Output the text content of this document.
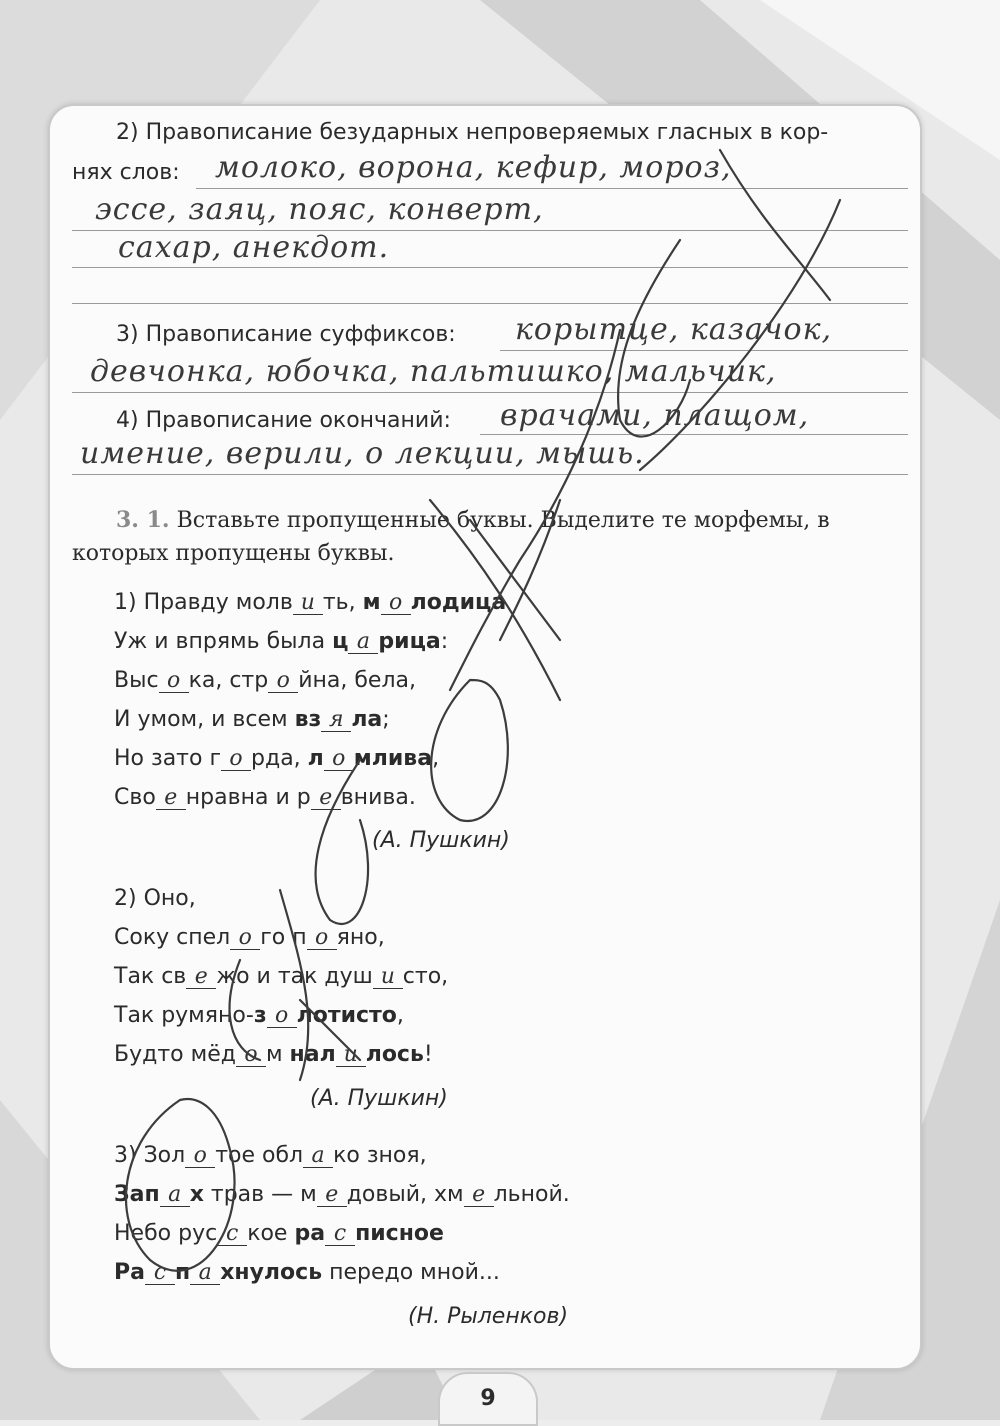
2) Правописание безударных непроверяемых гласных в кор-
нях слов: молоко, ворона, кефир, мороз,
эссе, заяц, пояс, конверт,
сахар, анекдот.
3) Правописание суффиксов: корытце, казачок,
девчонка, юбочка, пальтишко, мальчик,
4) Правописание окончаний: врачами, плащом,
имение, верили, о лекции, мышь.
3. 1. Вставьте пропущенные буквы. Выделите те морфемы, в
которых пропущены буквы.
1) Правду молв и ть, м о лодица
Уж и впрямь была ц а рица:
Выс о ка, стр о йна, бела,
И умом, и всем вз я ла;
Но зато г о рда, л о млива,
Сво е нравна и р е внива.
(А. Пушкин)
2) Оно,
Соку спел о го п о яно,
Так св е жо и так душ и сто,
Так румяно-з о лотисто,
Будто мёд о м нал и лось!
(А. Пушкин)
3) Зол о тое обл а ко зноя,
Зап а х трав — м е довый, хм е льной.
Небо рус с кое ра с писное
Ра с п а хнулось передо мной...
(Н. Рыленков)
9
